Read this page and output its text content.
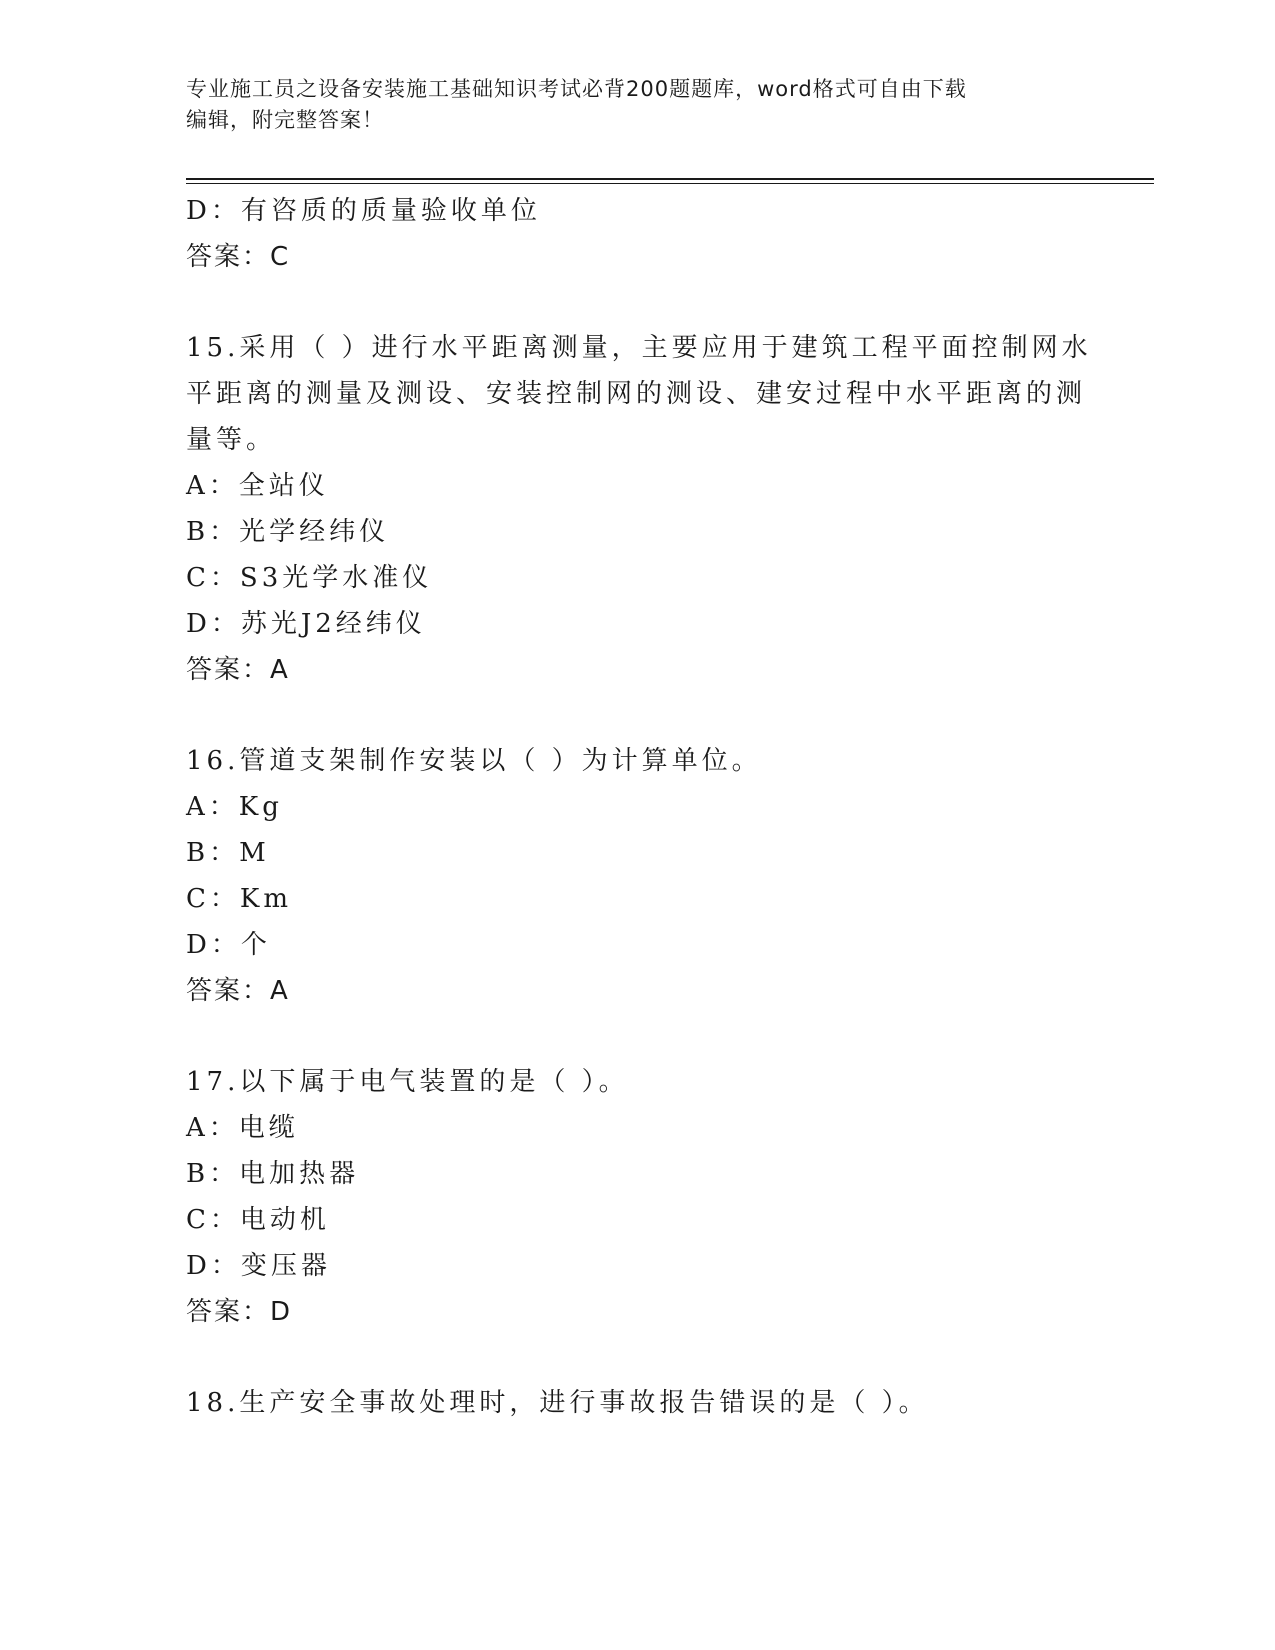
专业施工员之设备安装施工基础知识考试必背200题题库，word格式可自由下载
编辑，附完整答案！
D：有咨质的质量验收单位
答案：C
15.采用（ ）进行水平距离测量，主要应用于建筑工程平面控制网水
平距离的测量及测设、安装控制网的测设、建安过程中水平距离的测
量等。
A：全站仪
B：光学经纬仪
C：S3光学水准仪
D：苏光J2经纬仪
答案：A
16.管道支架制作安装以（ ）为计算单位。
A：Kg
B：M
C：Km
D：个
答案：A
17.以下属于电气装置的是（ ）。
A：电缆
B：电加热器
C：电动机
D：变压器
答案：D
18.生产安全事故处理时，进行事故报告错误的是（ ）。
